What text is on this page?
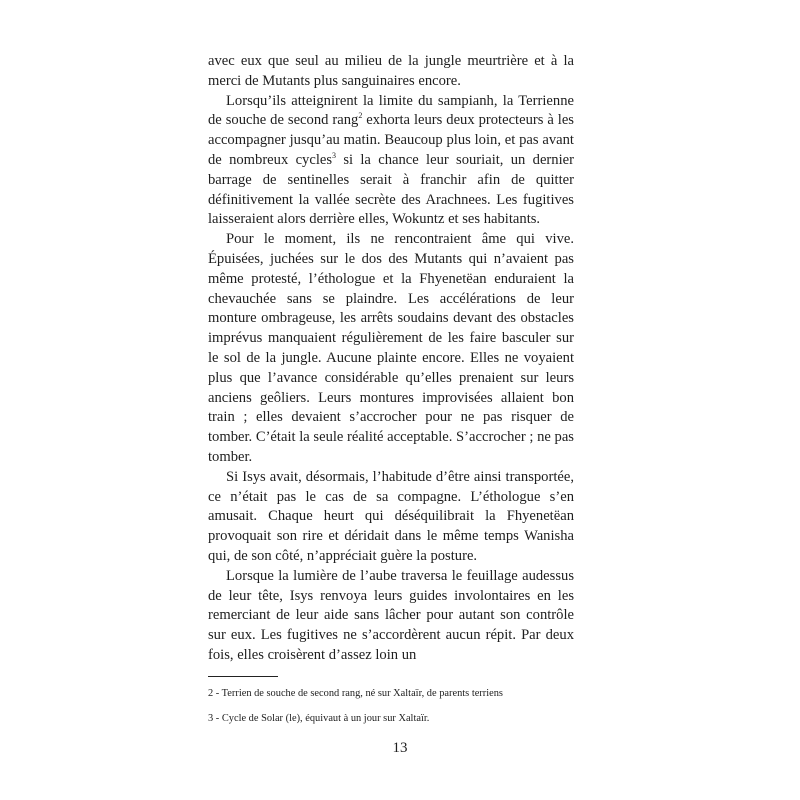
avec eux que seul au milieu de la jungle meurtrière et à la merci de Mutants plus sanguinaires encore.

Lorsqu’ils atteignirent la limite du sampianh, la Terrienne de souche de second rang$^2$ exhorta leurs deux protecteurs à les accompagner jusqu’au matin. Beaucoup plus loin, et pas avant de nombreux cycles$^3$ si la chance leur souriait, un dernier barrage de sentinelles serait à franchir afin de quitter définitivement la vallée secrète des Arachnees. Les fugitives laisseraient alors derrière elles, Wokuntz et ses habitants.

Pour le moment, ils ne rencontraient âme qui vive. Épuisées, juchées sur le dos des Mutants qui n’avaient pas même protesté, l’éthologue et la Fhyenetëan enduraient la chevauchée sans se plaindre. Les accélérations de leur monture ombrageuse, les arrêts soudains devant des obstacles imprévus manquaient régulièrement de les faire basculer sur le sol de la jungle. Aucune plainte encore. Elles ne voyaient plus que l’avance considérable qu’elles prenaient sur leurs anciens geôliers. Leurs montures improvisées allaient bon train ; elles devaient s’accrocher pour ne pas risquer de tomber. C’était la seule réalité acceptable. S’accrocher ; ne pas tomber.

Si Isys avait, désormais, l’habitude d’être ainsi transportée, ce n’était pas le cas de sa compagne. L’éthologue s’en amusait. Chaque heurt qui déséquilibrait la Fhyenetëan provoquait son rire et déridait dans le même temps Wanisha qui, de son côté, n’appréciait guère la posture.

Lorsque la lumière de l’aube traversa le feuillage audessus de leur tête, Isys renvoya leurs guides involontaires en les remerciant de leur aide sans lâcher pour autant son contrôle sur eux. Les fugitives ne s’accordèrent aucun répit. Par deux fois, elles croisèrent d’assez loin un

2 - Terrien de souche de second rang, né sur Xaltaïr, de parents terriens

3 - Cycle de Solar (le), équivaut à un jour sur Xaltaïr.

13
